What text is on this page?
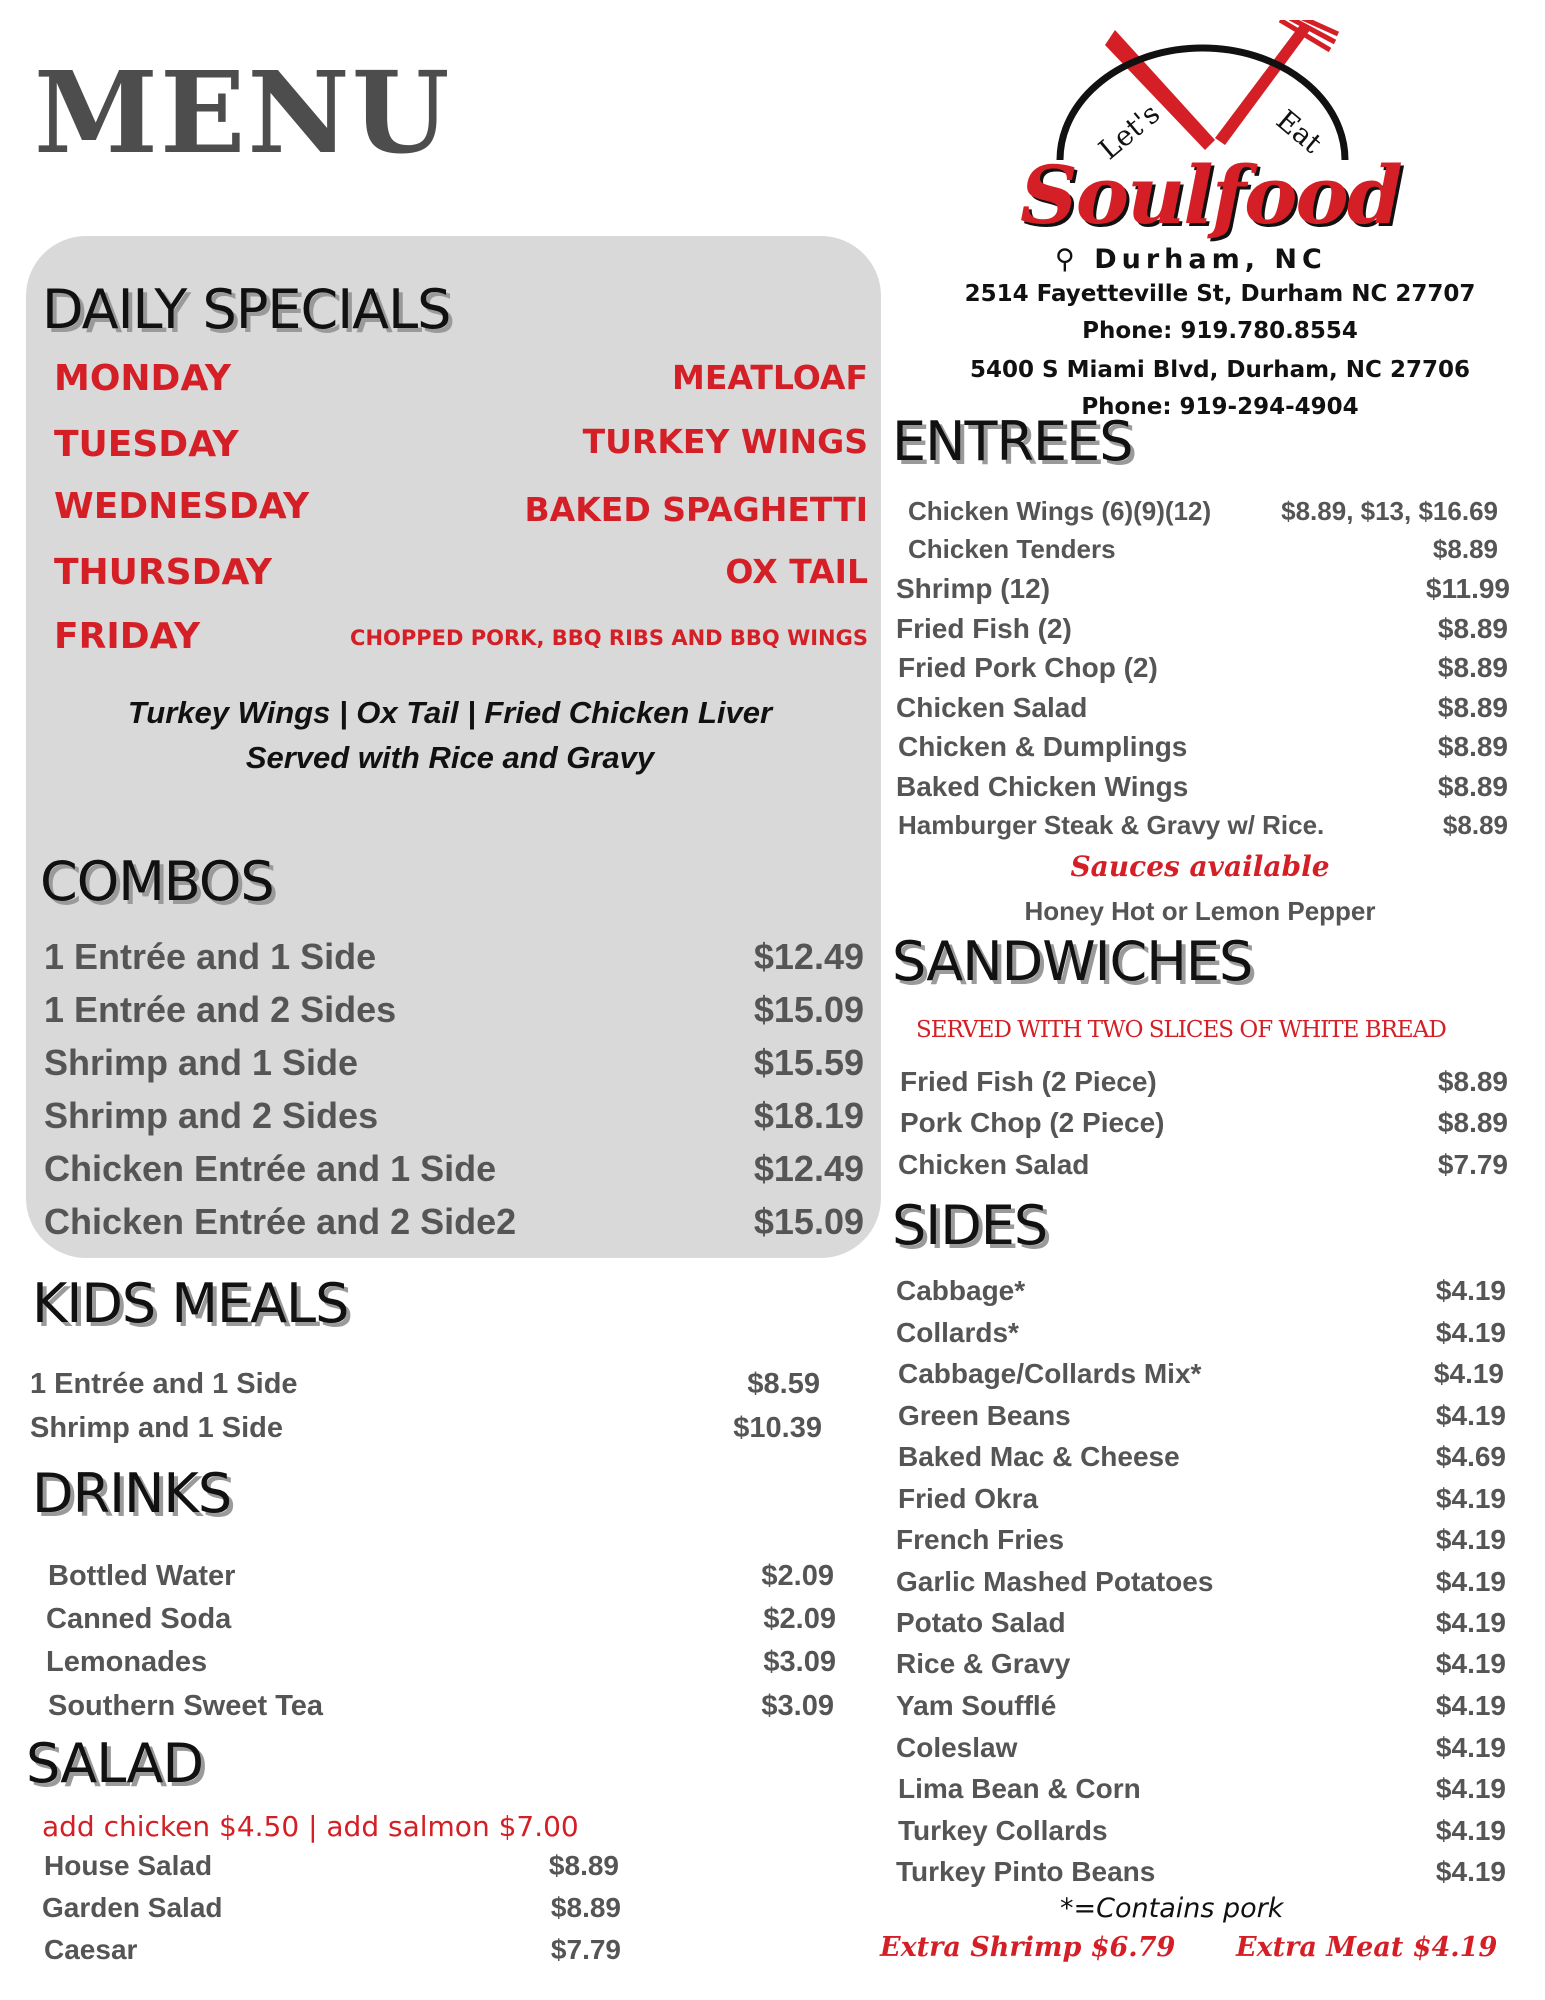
MENU	Let's	Eat
Soulfood
⚲ Durham, NC
2514 Fayetteville St, Durham NC 27707
Phone: 919.780.8554
5400 S Miami Blvd, Durham, NC 27706
Phone: 919-294-4904
DAILY SPECIALS
MONDAY	MEATLOAF
TUESDAY	TURKEY WINGS
WEDNESDAY	BAKED SPAGHETTI
THURSDAY	OX TAIL
FRIDAY	CHOPPED PORK, BBQ RIBS AND BBQ WINGS
Turkey Wings | Ox Tail | Fried Chicken Liver
Served with Rice and Gravy
COMBOS
1 Entrée and 1 Side	$12.49
1 Entrée and 2 Sides	$15.09
Shrimp and 1 Side	$15.59
Shrimp and 2 Sides	$18.19
Chicken Entrée and 1 Side	$12.49
Chicken Entrée and 2 Side2	$15.09
KIDS MEALS
1 Entrée and 1 Side	$8.59
Shrimp and 1 Side	$10.39
DRINKS
Bottled Water	$2.09
Canned Soda	$2.09
Lemonades	$3.09
Southern Sweet Tea	$3.09
SALAD
add chicken $4.50 | add salmon $7.00
House Salad	$8.89
Garden Salad	$8.89
Caesar	$7.79
ENTREES
Chicken Wings (6)(9)(12)	$8.89, $13, $16.69
Chicken Tenders	$8.89
Shrimp (12)	$11.99
Fried Fish (2)	$8.89
Fried Pork Chop (2)	$8.89
Chicken Salad	$8.89
Chicken & Dumplings	$8.89
Baked Chicken Wings	$8.89
Hamburger Steak & Gravy w/ Rice.	$8.89
Sauces available
Honey Hot or Lemon Pepper
SANDWICHES
SERVED WITH TWO SLICES OF WHITE BREAD
Fried Fish (2 Piece)	$8.89
Pork Chop (2 Piece)	$8.89
Chicken Salad	$7.79
SIDES
Cabbage*	$4.19
Collards*	$4.19
Cabbage/Collards Mix*	$4.19
Green Beans	$4.19
Baked Mac & Cheese	$4.69
Fried Okra	$4.19
French Fries	$4.19
Garlic Mashed Potatoes	$4.19
Potato Salad	$4.19
Rice & Gravy	$4.19
Yam Soufflé	$4.19
Coleslaw	$4.19
Lima Bean & Corn	$4.19
Turkey Collards	$4.19
Turkey Pinto Beans	$4.19
*=Contains pork
Extra Shrimp $6.79 Extra Meat $4.19
